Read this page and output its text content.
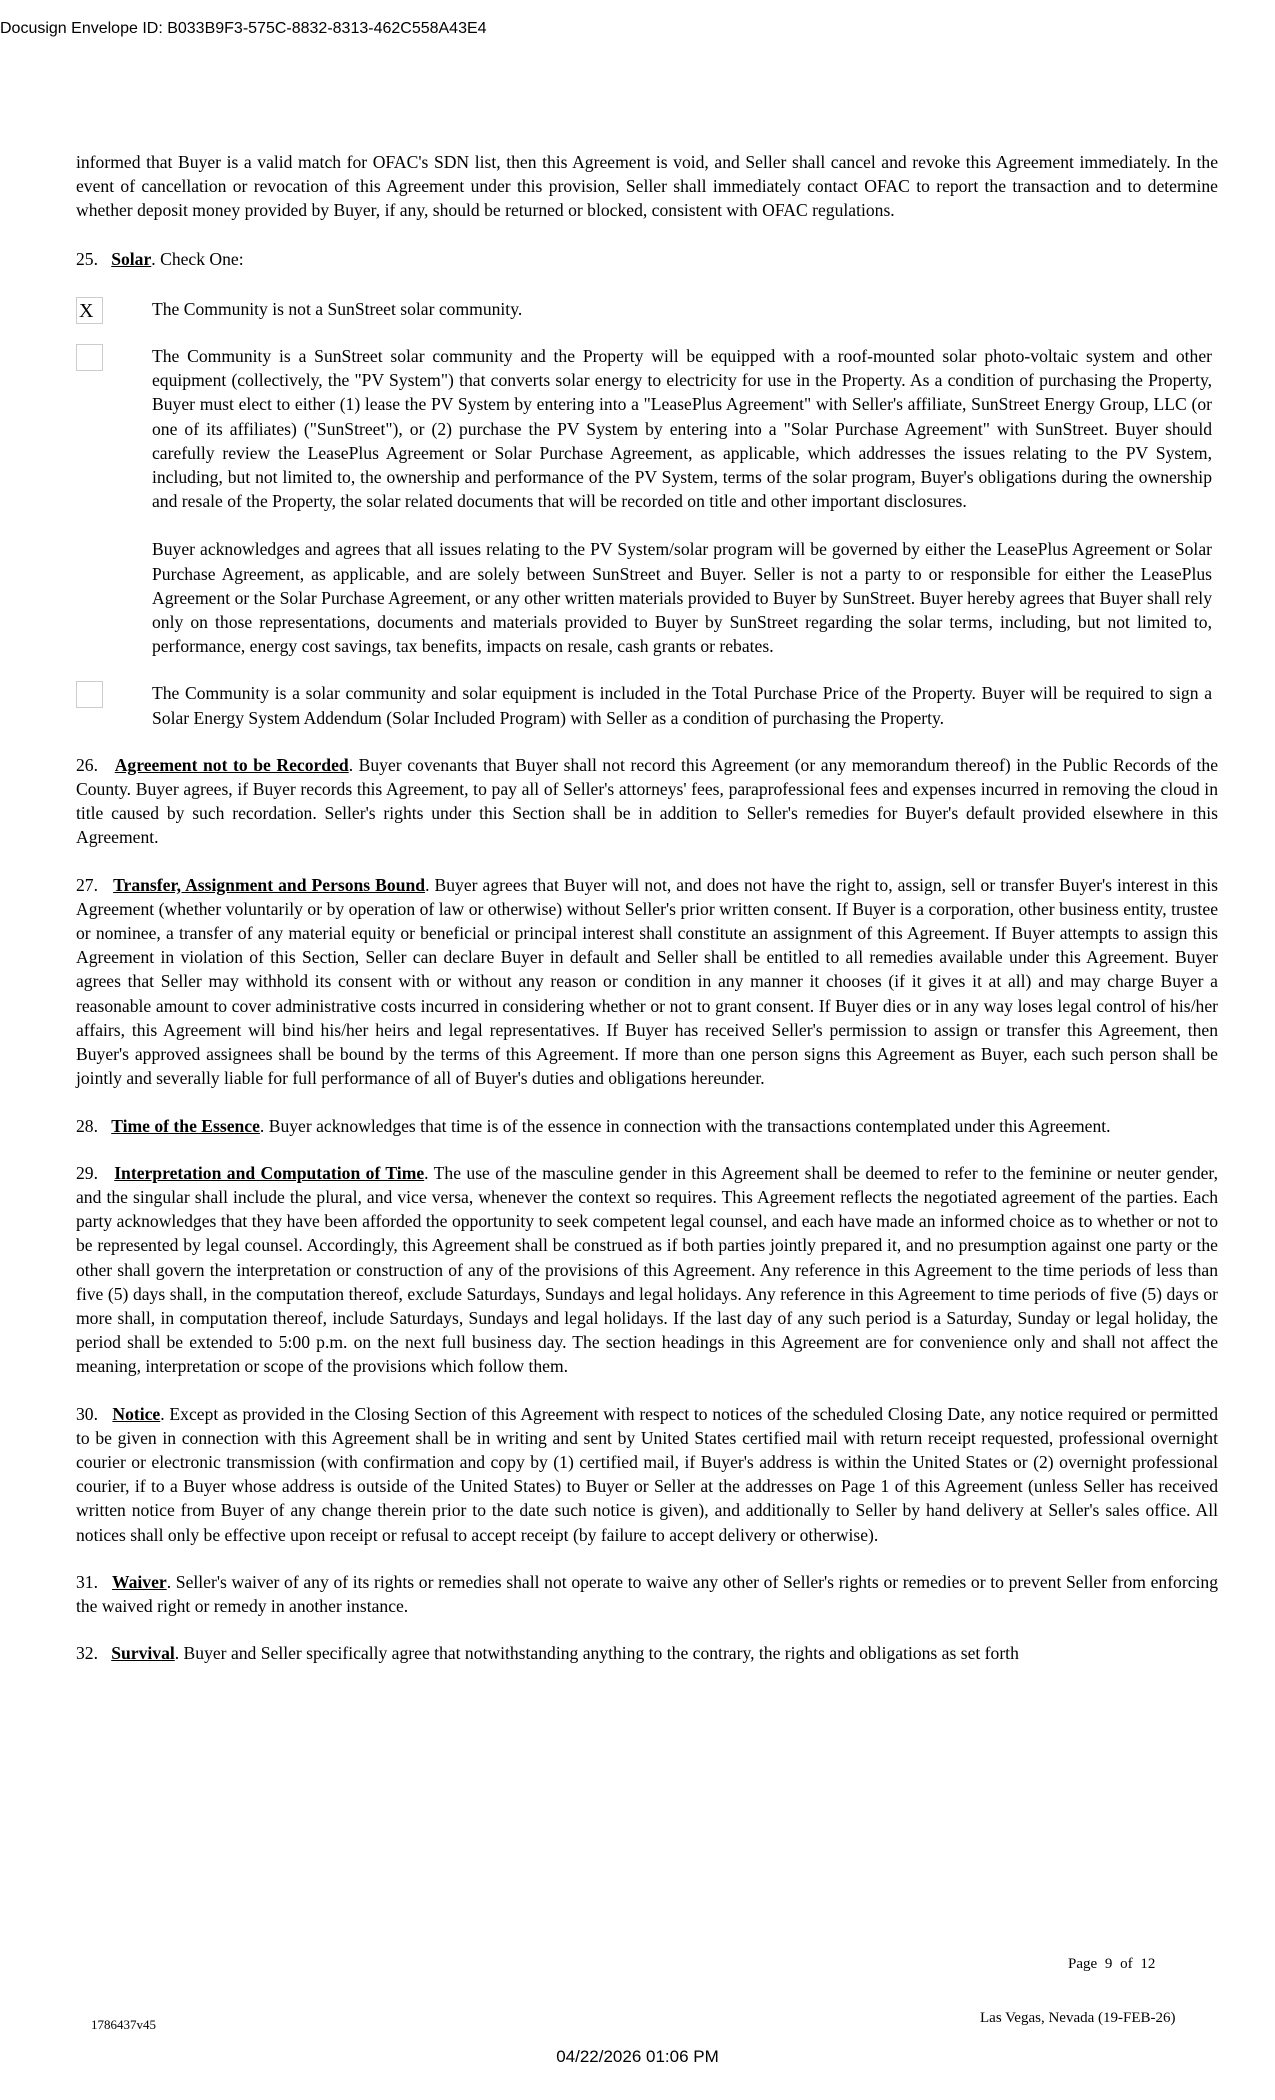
Docusign Envelope ID: B033B9F3-575C-8832-8313-462C558A43E4

informed that Buyer is a valid match for OFAC's SDN list, then this Agreement is void, and Seller shall cancel and revoke this Agreement immediately. In the event of cancellation or revocation of this Agreement under this provision, Seller shall immediately contact OFAC to report the transaction and to determine whether deposit money provided by Buyer, if any, should be returned or blocked, consistent with OFAC regulations.

25. Solar. Check One:

X	The Community is not a SunStreet solar community.

The Community is a SunStreet solar community and the Property will be equipped with a roof-mounted solar photo-voltaic system and other equipment (collectively, the "PV System") that converts solar energy to electricity for use in the Property. As a condition of purchasing the Property, Buyer must elect to either (1) lease the PV System by entering into a "LeasePlus Agreement" with Seller's affiliate, SunStreet Energy Group, LLC (or one of its affiliates) ("SunStreet"), or (2) purchase the PV System by entering into a "Solar Purchase Agreement" with SunStreet. Buyer should carefully review the LeasePlus Agreement or Solar Purchase Agreement, as applicable, which addresses the issues relating to the PV System, including, but not limited to, the ownership and performance of the PV System, terms of the solar program, Buyer's obligations during the ownership and resale of the Property, the solar related documents that will be recorded on title and other important disclosures.

Buyer acknowledges and agrees that all issues relating to the PV System/solar program will be governed by either the LeasePlus Agreement or Solar Purchase Agreement, as applicable, and are solely between SunStreet and Buyer. Seller is not a party to or responsible for either the LeasePlus Agreement or the Solar Purchase Agreement, or any other written materials provided to Buyer by SunStreet. Buyer hereby agrees that Buyer shall rely only on those representations, documents and materials provided to Buyer by SunStreet regarding the solar terms, including, but not limited to, performance, energy cost savings, tax benefits, impacts on resale, cash grants or rebates.

The Community is a solar community and solar equipment is included in the Total Purchase Price of the Property. Buyer will be required to sign a Solar Energy System Addendum (Solar Included Program) with Seller as a condition of purchasing the Property.

26. Agreement not to be Recorded. Buyer covenants that Buyer shall not record this Agreement (or any memorandum thereof) in the Public Records of the County. Buyer agrees, if Buyer records this Agreement, to pay all of Seller's attorneys' fees, paraprofessional fees and expenses incurred in removing the cloud in title caused by such recordation. Seller's rights under this Section shall be in addition to Seller's remedies for Buyer's default provided elsewhere in this Agreement.

27. Transfer, Assignment and Persons Bound. Buyer agrees that Buyer will not, and does not have the right to, assign, sell or transfer Buyer's interest in this Agreement (whether voluntarily or by operation of law or otherwise) without Seller's prior written consent. If Buyer is a corporation, other business entity, trustee or nominee, a transfer of any material equity or beneficial or principal interest shall constitute an assignment of this Agreement. If Buyer attempts to assign this Agreement in violation of this Section, Seller can declare Buyer in default and Seller shall be entitled to all remedies available under this Agreement. Buyer agrees that Seller may withhold its consent with or without any reason or condition in any manner it chooses (if it gives it at all) and may charge Buyer a reasonable amount to cover administrative costs incurred in considering whether or not to grant consent. If Buyer dies or in any way loses legal control of his/her affairs, this Agreement will bind his/her heirs and legal representatives. If Buyer has received Seller's permission to assign or transfer this Agreement, then Buyer's approved assignees shall be bound by the terms of this Agreement. If more than one person signs this Agreement as Buyer, each such person shall be jointly and severally liable for full performance of all of Buyer's duties and obligations hereunder.

28. Time of the Essence. Buyer acknowledges that time is of the essence in connection with the transactions contemplated under this Agreement.

29. Interpretation and Computation of Time. The use of the masculine gender in this Agreement shall be deemed to refer to the feminine or neuter gender, and the singular shall include the plural, and vice versa, whenever the context so requires. This Agreement reflects the negotiated agreement of the parties. Each party acknowledges that they have been afforded the opportunity to seek competent legal counsel, and each have made an informed choice as to whether or not to be represented by legal counsel. Accordingly, this Agreement shall be construed as if both parties jointly prepared it, and no presumption against one party or the other shall govern the interpretation or construction of any of the provisions of this Agreement. Any reference in this Agreement to the time periods of less than five (5) days shall, in the computation thereof, exclude Saturdays, Sundays and legal holidays. Any reference in this Agreement to time periods of five (5) days or more shall, in computation thereof, include Saturdays, Sundays and legal holidays. If the last day of any such period is a Saturday, Sunday or legal holiday, the period shall be extended to 5:00 p.m. on the next full business day. The section headings in this Agreement are for convenience only and shall not affect the meaning, interpretation or scope of the provisions which follow them.

30. Notice. Except as provided in the Closing Section of this Agreement with respect to notices of the scheduled Closing Date, any notice required or permitted to be given in connection with this Agreement shall be in writing and sent by United States certified mail with return receipt requested, professional overnight courier or electronic transmission (with confirmation and copy by (1) certified mail, if Buyer's address is within the United States or (2) overnight professional courier, if to a Buyer whose address is outside of the United States) to Buyer or Seller at the addresses on Page 1 of this Agreement (unless Seller has received written notice from Buyer of any change therein prior to the date such notice is given), and additionally to Seller by hand delivery at Seller's sales office. All notices shall only be effective upon receipt or refusal to accept receipt (by failure to accept delivery or otherwise).

31. Waiver. Seller's waiver of any of its rights or remedies shall not operate to waive any other of Seller's rights or remedies or to prevent Seller from enforcing the waived right or remedy in another instance.

32. Survival. Buyer and Seller specifically agree that notwithstanding anything to the contrary, the rights and obligations as set forth

Page 9 of 12
1786437v45	Las Vegas, Nevada (19-FEB-26)
04/22/2026 01:06 PM
